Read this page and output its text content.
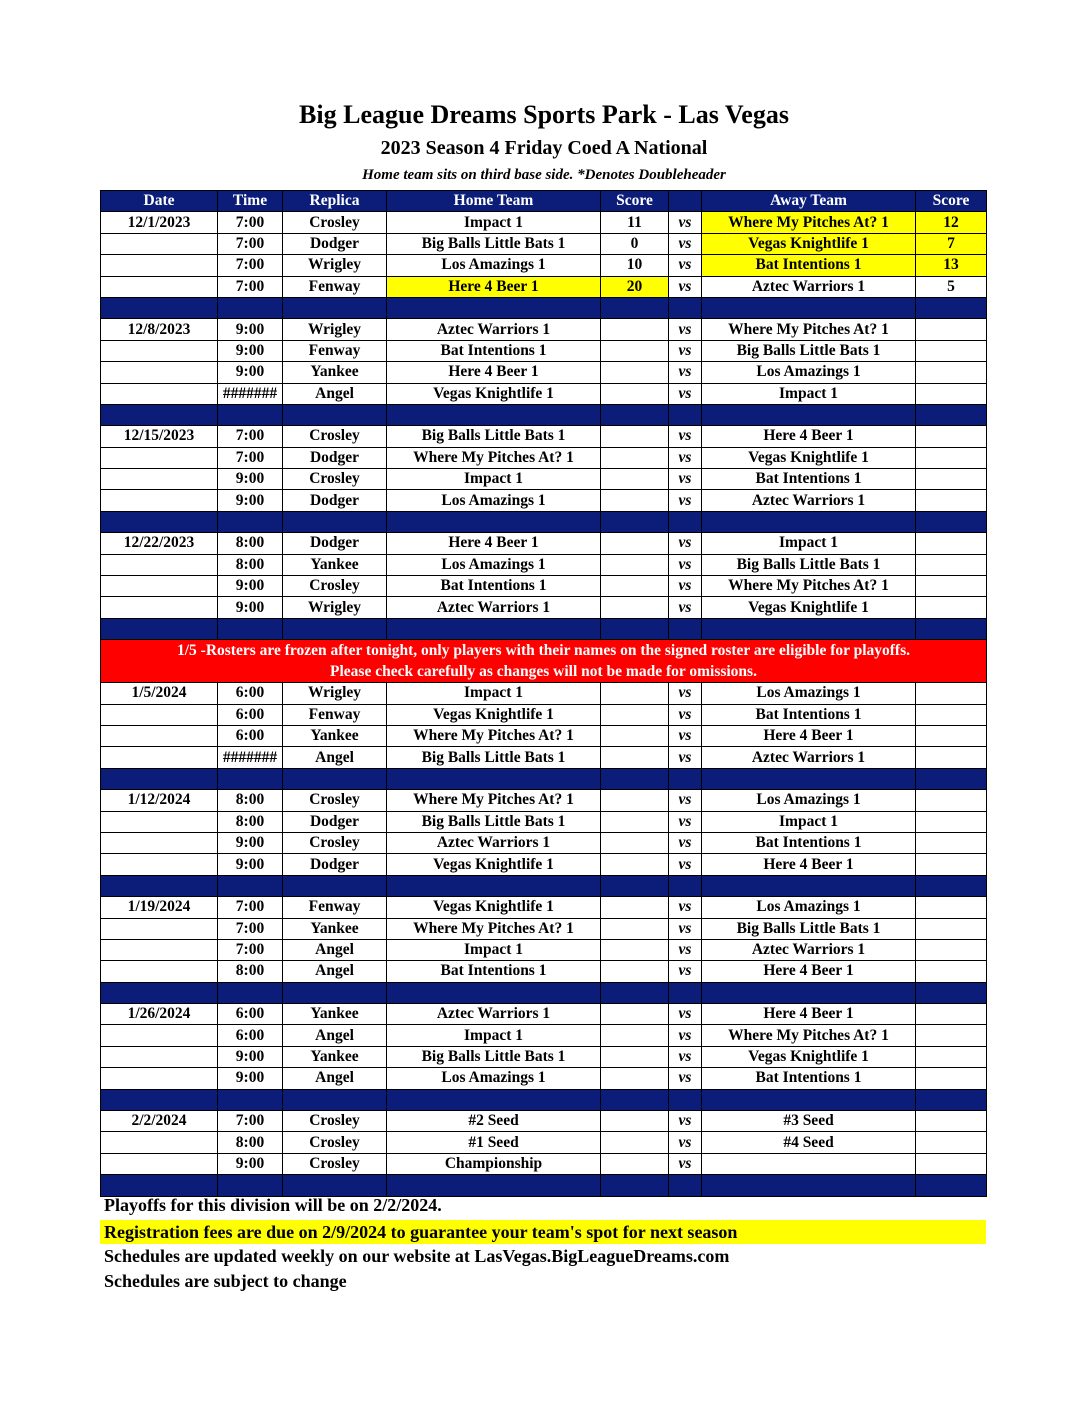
Big League Dreams Sports Park - Las Vegas
2023 Season 4 Friday Coed A National
Home team sits on third base side. *Denotes Doubleheader
Date	Time	Replica	Home Team	Score		Away Team	Score
12/1/2023	7:00	Crosley	Impact 1	11	vs	Where My Pitches At? 1	12
	7:00	Dodger	Big Balls Little Bats 1	0	vs	Vegas Knightlife 1	7
	7:00	Wrigley	Los Amazings 1	10	vs	Bat Intentions 1	13
	7:00	Fenway	Here 4 Beer 1	20	vs	Aztec Warriors 1	5

12/8/2023	9:00	Wrigley	Aztec Warriors 1		vs	Where My Pitches At? 1	
	9:00	Fenway	Bat Intentions 1		vs	Big Balls Little Bats 1	
	9:00	Yankee	Here 4 Beer 1		vs	Los Amazings 1	
	#######	Angel	Vegas Knightlife 1		vs	Impact 1	

12/15/2023	7:00	Crosley	Big Balls Little Bats 1		vs	Here 4 Beer 1	
	7:00	Dodger	Where My Pitches At? 1		vs	Vegas Knightlife 1	
	9:00	Crosley	Impact 1		vs	Bat Intentions 1	
	9:00	Dodger	Los Amazings 1		vs	Aztec Warriors 1	

12/22/2023	8:00	Dodger	Here 4 Beer 1		vs	Impact 1	
	8:00	Yankee	Los Amazings 1		vs	Big Balls Little Bats 1	
	9:00	Crosley	Bat Intentions 1		vs	Where My Pitches At? 1	
	9:00	Wrigley	Aztec Warriors 1		vs	Vegas Knightlife 1	

1/5 -Rosters are frozen after tonight, only players with their names on the signed roster are eligible for playoffs.
Please check carefully as changes will not be made for omissions.							

1/5/2024	6:00	Wrigley	Impact 1		vs	Los Amazings 1	
	6:00	Fenway	Vegas Knightlife 1		vs	Bat Intentions 1	
	6:00	Yankee	Where My Pitches At? 1		vs	Here 4 Beer 1	
	#######	Angel	Big Balls Little Bats 1		vs	Aztec Warriors 1	

1/12/2024	8:00	Crosley	Where My Pitches At? 1		vs	Los Amazings 1	
	8:00	Dodger	Big Balls Little Bats 1		vs	Impact 1	
	9:00	Crosley	Aztec Warriors 1		vs	Bat Intentions 1	
	9:00	Dodger	Vegas Knightlife 1		vs	Here 4 Beer 1	

1/19/2024	7:00	Fenway	Vegas Knightlife 1		vs	Los Amazings 1	
	7:00	Yankee	Where My Pitches At? 1		vs	Big Balls Little Bats 1	
	7:00	Angel	Impact 1		vs	Aztec Warriors 1	
	8:00	Angel	Bat Intentions 1		vs	Here 4 Beer 1	

1/26/2024	6:00	Yankee	Aztec Warriors 1		vs	Here 4 Beer 1	
	6:00	Angel	Impact 1		vs	Where My Pitches At? 1	
	9:00	Yankee	Big Balls Little Bats 1		vs	Vegas Knightlife 1	
	9:00	Angel	Los Amazings 1		vs	Bat Intentions 1	

2/2/2024	7:00	Crosley	#2 Seed		vs	#3 Seed	
	8:00	Crosley	#1 Seed		vs	#4 Seed	
	9:00	Crosley	Championship		vs		

Playoffs for this division will be on 2/2/2024.
Registration fees are due on 2/9/2024 to guarantee your team's spot for next season
Schedules are updated weekly on our website at LasVegas.BigLeagueDreams.com
Schedules are subject to change
